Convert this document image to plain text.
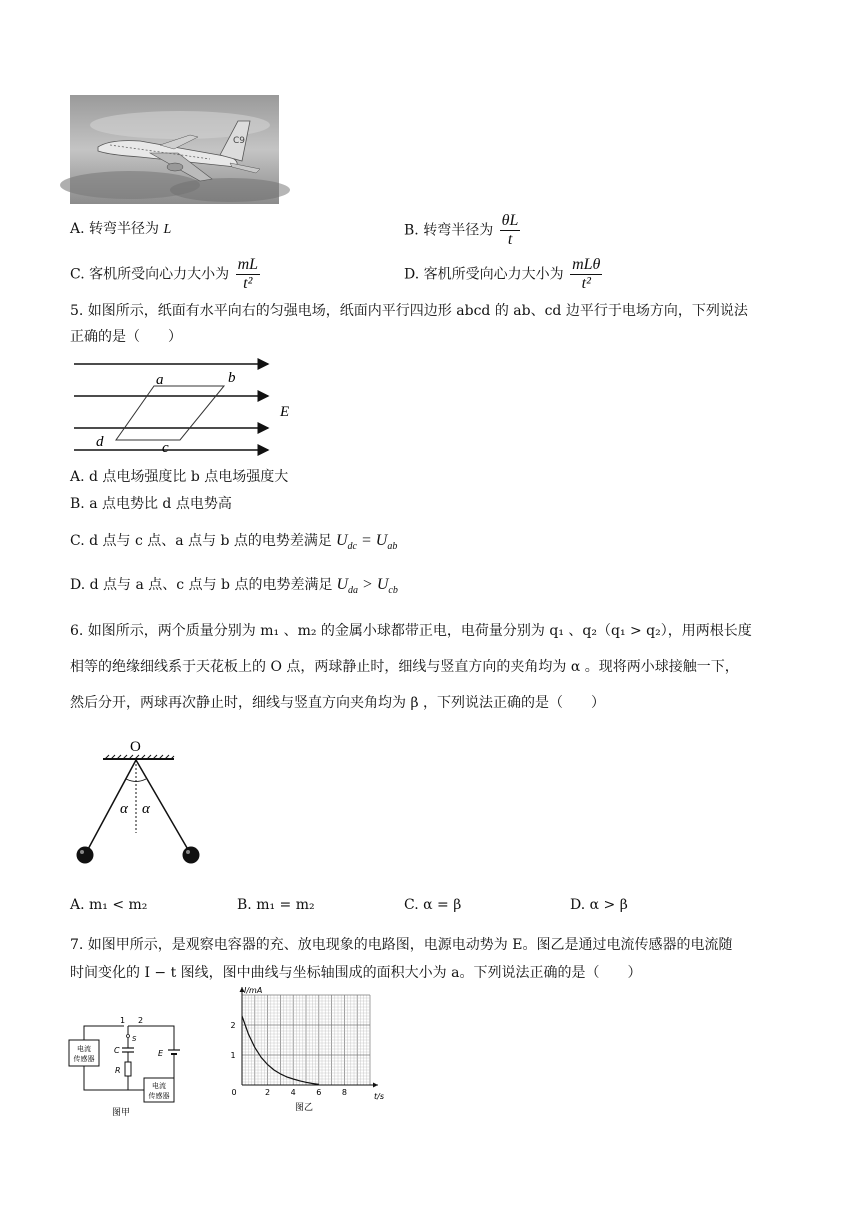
C9
A. 转弯半径为 L	B. 转弯半径为 $\frac{\theta L}{t}$
C. 客机所受向心力大小为 $\frac{mL}{\text{t²}}$	D. 客机所受向心力大小为 $\frac{\text{mLθ}}{\text{t²}}$
5. 如图所示，纸面有水平向右的匀强电场，纸面内平行四边形 abcd 的 ab、cd 边平行于电场方向，下列说法
正确的是（　　）
a	b
c
d
E
A. d 点电场强度比 b 点电场强度大
B. a 点电势比 d 点电势高
C. d 点与 c 点、a 点与 b 点的电势差满足 $U_{dc} = U_{ab}$
D. d 点与 a 点、c 点与 b 点的电势差满足 $U_{da} > U_{cb}$
6. 如图所示，两个质量分别为 m₁ 、m₂ 的金属小球都带正电，电荷量分别为 q₁ 、q₂（q₁ > q₂），用两根长度
相等的绝缘细线系于天花板上的 O 点，两球静止时，细线与竖直方向的夹角均为 α 。现将两小球接触一下，
然后分开，两球再次静止时，细线与竖直方向夹角均为 β ，下列说法正确的是（　　）
O
α α
A. m₁ < m₂	B. m₁ = m₂	C. α = β	D. α > β
7. 如图甲所示，是观察电容器的充、放电现象的电路图，电源电动势为 E。图乙是通过电流传感器的电流随
时间变化的 I − t 图线，图中曲线与坐标轴围成的面积大小为 a。下列说法正确的是（　　）
电流
传感器
1 2
S
C
R
电流
传感器
E
图甲
0	2	4	6	8
1
2
t/s
I/mA
图乙
